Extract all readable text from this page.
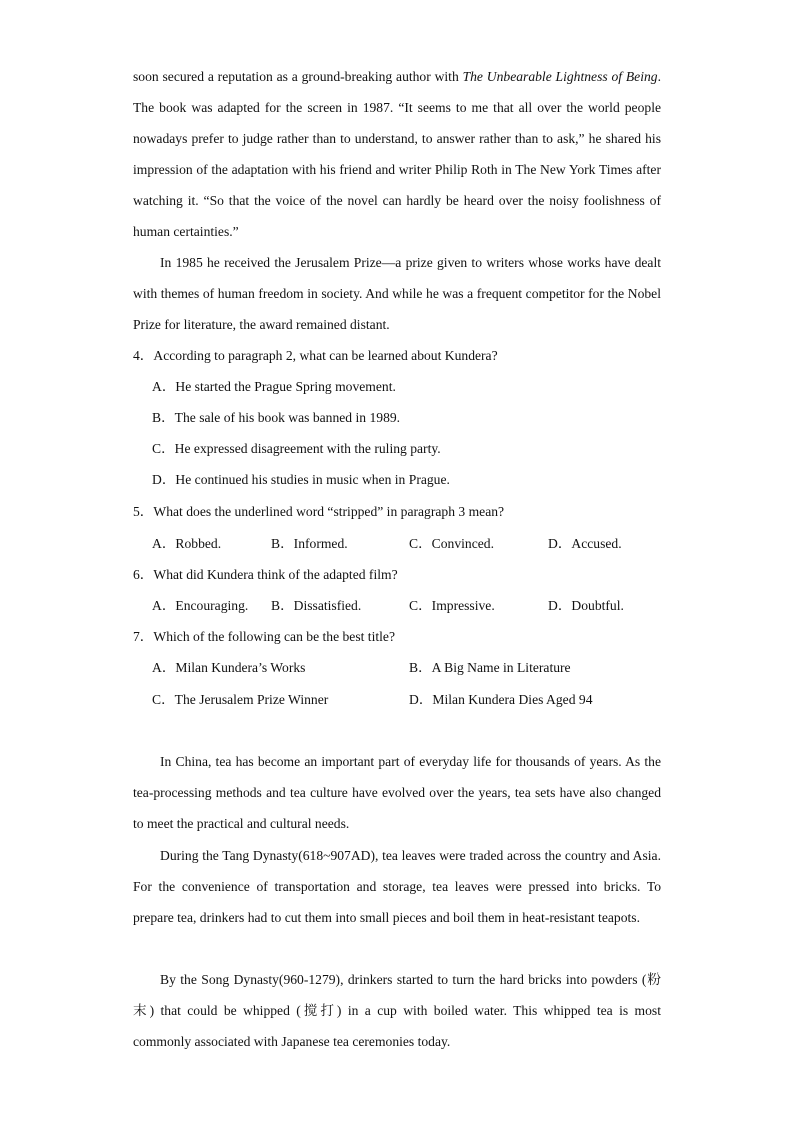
soon secured a reputation as a ground-breaking author with The Unbearable Lightness of Being. The book was adapted for the screen in 1987. “It seems to me that all over the world people nowadays prefer to judge rather than to understand, to answer rather than to ask,” he shared his impression of the adaptation with his friend and writer Philip Roth in The New York Times after watching it. “So that the voice of the novel can hardly be heard over the noisy foolishness of human certainties.”

In 1985 he received the Jerusalem Prize—a prize given to writers whose works have dealt with themes of human freedom in society. And while he was a frequent competitor for the Nobel Prize for literature, the award remained distant.

4．According to paragraph 2, what can be learned about Kundera?
A．He started the Prague Spring movement.
B．The sale of his book was banned in 1989.
C．He expressed disagreement with the ruling party.
D．He continued his studies in music when in Prague.
5．What does the underlined word “stripped” in paragraph 3 mean?
A．Robbed.	B．Informed.	C．Convinced.	D．Accused.
6．What did Kundera think of the adapted film?
A．Encouraging. B．Dissatisfied.	C．Impressive.	D．Doubtful.
7．Which of the following can be the best title?
A．Milan Kundera’s Works	B．A Big Name in Literature
C．The Jerusalem Prize Winner	D．Milan Kundera Dies Aged 94

In China, tea has become an important part of everyday life for thousands of years. As the tea-processing methods and tea culture have evolved over the years, tea sets have also changed to meet the practical and cultural needs.

During the Tang Dynasty(618~907AD), tea leaves were traded across the country and Asia. For the convenience of transportation and storage, tea leaves were pressed into bricks. To prepare tea, drinkers had to cut them into small pieces and boil them in heat-resistant teapots.

By the Song Dynasty(960-1279), drinkers started to turn the hard bricks into powders (粉末) that could be whipped (搅打) in a cup with boiled water. This whipped tea is most commonly associated with Japanese tea ceremonies today.
